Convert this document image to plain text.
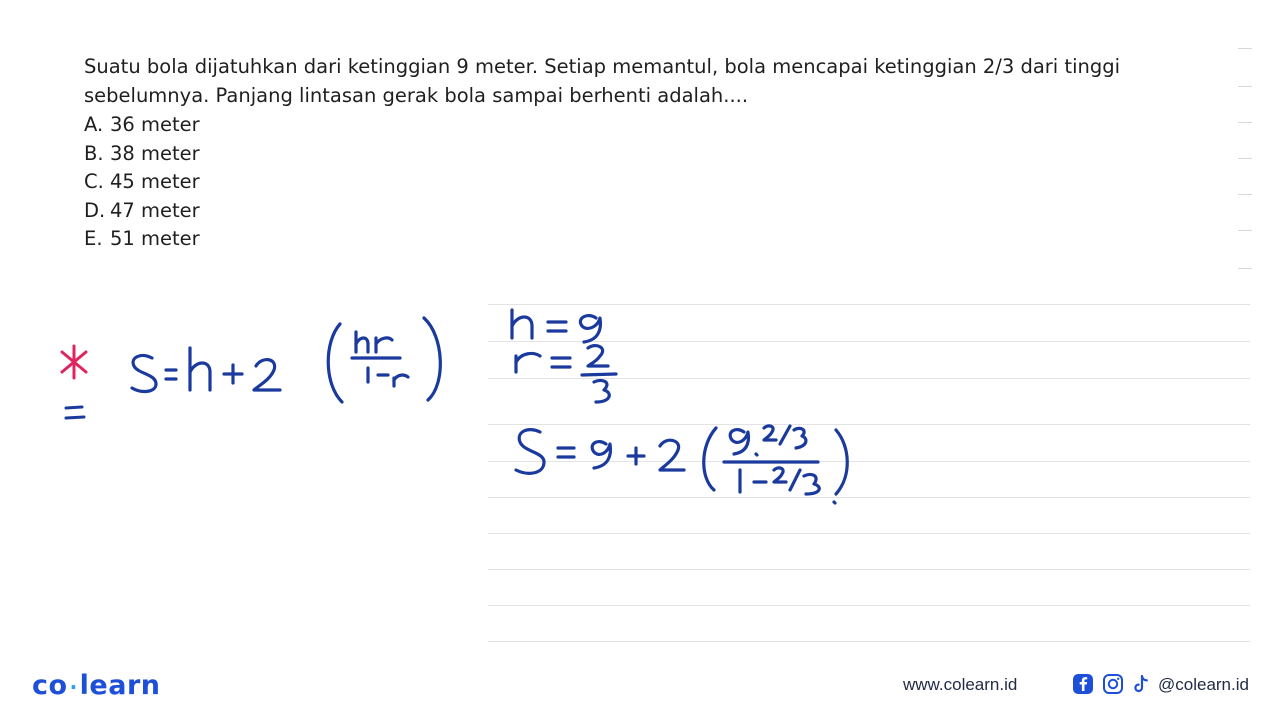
Suatu bola dijatuhkan dari ketinggian 9 meter. Setiap memantul, bola mencapai ketinggian 2/3 dari tinggi sebelumnya. Panjang lintasan gerak bola sampai berhenti adalah....

A. 36 meter
B. 38 meter
C. 45 meter
D. 47 meter
E. 51 meter
co ·learn	www.colearn.id	@colearn.id
